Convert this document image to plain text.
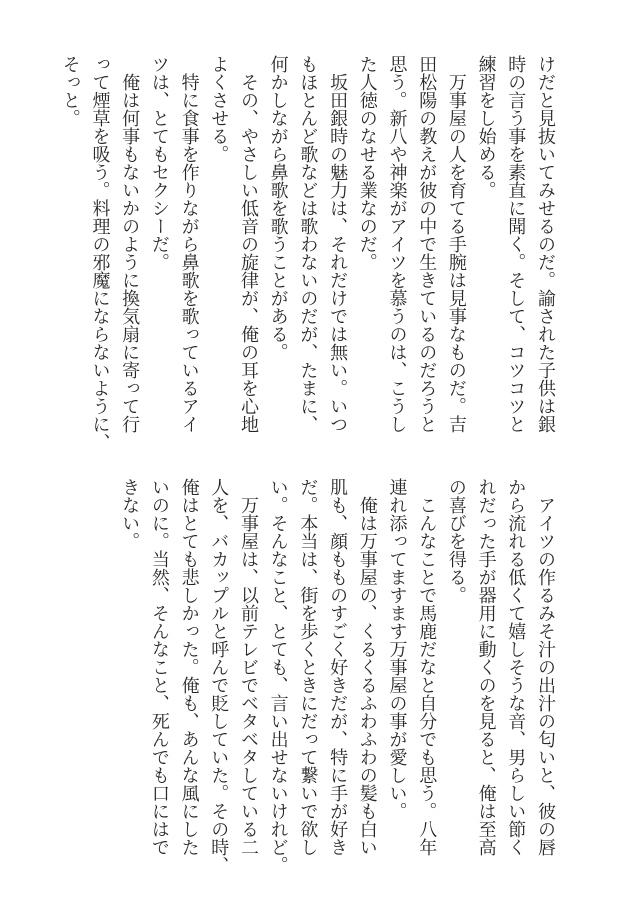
けだと見抜いてみせるのだ。諭された子供は銀
時の言う事を素直に聞く。そして、コツコツと
練習をし始める。
　万事屋の人を育てる手腕は見事なものだ。吉
田松陽の教えが彼の中で生きているのだろうと
思う。新八や神楽がアイツを慕うのは、こうし
た人徳のなせる業なのだ。
　坂田銀時の魅力は、それだけでは無い。いつ
もほとんど歌などは歌わないのだが、たまに、
何かしながら鼻歌を歌うことがある。
　その、やさしい低音の旋律が、俺の耳を心地
よくさせる。
　特に食事を作りながら鼻歌を歌っているアイ
ツは、とてもセクシーだ。
　俺は何事もないかのように換気扇に寄って行
って煙草を吸う。料理の邪魔にならないように、
そっと。
　アイツの作るみそ汁の出汁の匂いと、彼の唇
から流れる低くて嬉しそうな音、男らしい節く
れだった手が器用に動くのを見ると、俺は至高
の喜びを得る。
　こんなことで馬鹿だなと自分でも思う。八年
連れ添ってますます万事屋の事が愛しい。
　俺は万事屋の、くるくるふわふわの髪も白い
肌も、顔もものすごく好きだが、特に手が好き
だ。本当は、街を歩くときにだって繋いで欲し
い。そんなこと、とても、言い出せないけれど。
　万事屋は、以前テレビでベタベタしている二
人を、バカップルと呼んで貶していた。その時、
俺はとても悲しかった。俺も、あんな風にした
いのに。当然、そんなこと、死んでも口にはで
きない。
